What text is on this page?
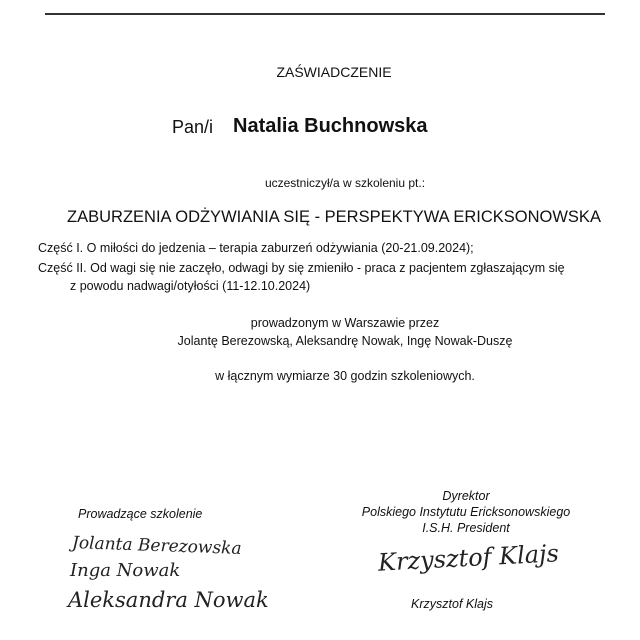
ZAŚWIADCZENIE
Pan/i Natalia Buchnowska
uczestniczył/a w szkoleniu pt.:
ZABURZENIA ODŻYWIANIA SIĘ - PERSPEKTYWA ERICKSONOWSKA
Część I. O miłości do jedzenia – terapia zaburzeń odżywiania (20-21.09.2024);
Część II. Od wagi się nie zaczęło, odwagi by się zmieniło - praca z pacjentem zgłaszającym się
z powodu nadwagi/otyłości (11-12.10.2024)
prowadzonym w Warszawie przez
Jolantę Berezowską, Aleksandrę Nowak, Ingę Nowak-Duszę
w łącznym wymiarze 30 godzin szkoleniowych.
Prowadzące szkolenie
Dyrektor
Polskiego Instytutu Ericksonowskiego
I.S.H. President
Jolanta Berezowska
Inga Nowak
Aleksandra Nowak
Krzysztof Klajs
Krzysztof Klajs
